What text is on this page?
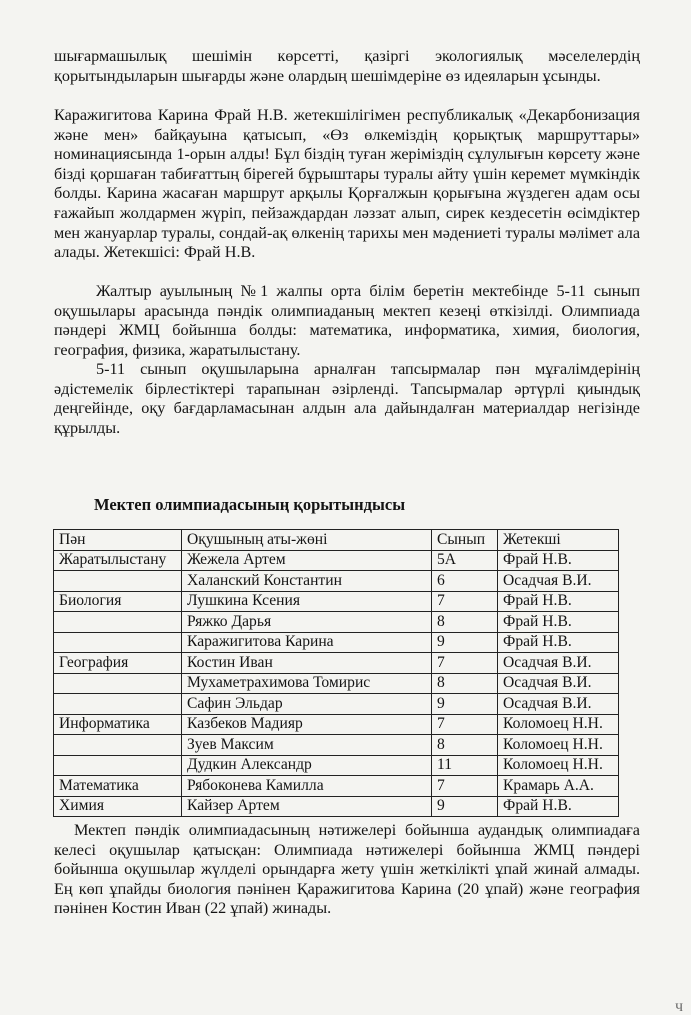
шығармашылық шешімін көрсетті, қазіргі экологиялық мәселелердің қорытындыларын шығарды және олардың шешімдеріне өз идеяларын ұсынды.

Каражигитова Карина Фрай Н.В. жетекшілігімен республикалық «Декарбонизация және мен» байқауына қатысып, «Өз өлкеміздің қорықтық маршруттары» номинациясында 1-орын алды! Бұл біздің туған жеріміздің сұлулығын көрсету және бізді қоршаған табиғаттың бірегей бұрыштары туралы айту үшін керемет мүмкіндік болды. Карина жасаған маршрут арқылы Қорғалжын қорығына жүздеген адам осы ғажайып жолдармен жүріп, пейзаждардан ләззат алып, сирек кездесетін өсімдіктер мен жануарлар туралы, сондай-ақ өлкенің тарихы мен мәдениеті туралы мәлімет ала алады. Жетекшісі: Фрай Н.В.

Жалтыр ауылының №1 жалпы орта білім беретін мектебінде 5-11 сынып оқушылары арасында пәндік олимпиаданың мектеп кезеңі өткізілді. Олимпиада пәндері ЖМЦ бойынша болды: математика, информатика, химия, биология, география, физика, жаратылыстану.

5-11 сынып оқушыларына арналған тапсырмалар пән мұғалімдерінің әдістемелік бірлестіктері тарапынан әзірленді. Тапсырмалар әртүрлі қиындық деңгейінде, оқу бағдарламасынан алдын ала дайындалған материалдар негізінде құрылды.

Мектеп олимпиадасының қорытындысы

Пән	Оқушының аты-жөні	Сынып	Жетекші
Жаратылыстану	Жежела Артем	5А	Фрай Н.В.
	Халанский Константин	6	Осадчая В.И.
Биология	Лушкина Ксения	7	Фрай Н.В.
	Ряжко Дарья	8	Фрай Н.В.
	Каражигитова Карина	9	Фрай Н.В.
География	Костин Иван	7	Осадчая В.И.
	Мухаметрахимова Томирис	8	Осадчая В.И.
	Сафин Эльдар	9	Осадчая В.И.
Информатика	Казбеков Мадияр	7	Коломоец Н.Н.
	Зуев Максим	8	Коломоец Н.Н.
	Дудкин Александр	11	Коломоец Н.Н.
Математика	Рябоконева Камилла	7	Крамарь А.А.
Химия	Кайзер Артем	9	Фрай Н.В.

Мектеп пәндік олимпиадасының нәтижелері бойынша аудандық олимпиадаға келесі оқушылар қатысқан: Олимпиада нәтижелері бойынша ЖМЦ пәндері бойынша оқушылар жүлделі орындарға жету үшін жеткілікті ұпай жинай алмады. Ең көп ұпайды биология пәнінен Қаражигитова Карина (20 ұпай) және география пәнінен Костин Иван (22 ұпай) жинады.

Ч
